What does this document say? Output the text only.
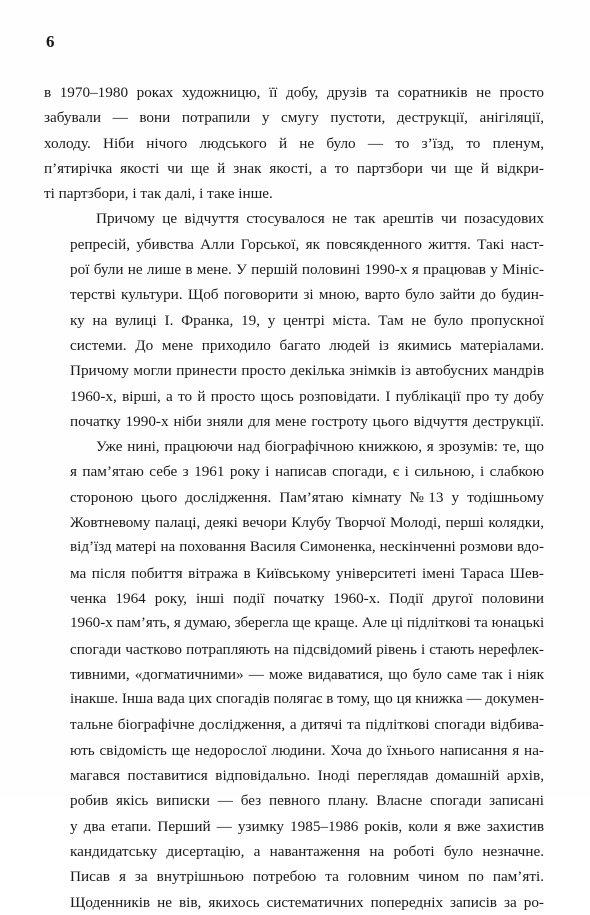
6
в 1970–1980 роках художницю, її добу, друзів та соратників не просто
забували — вони потрапили у смугу пустоти, деструкції, анігіляції,
холоду. Ніби нічого людського й не було — то з’їзд, то пленум,
п’ятирічка якості чи ще й знак якості, а то партзбори чи ще й відкри-
ті партзбори, і так далі, і таке інше.
Причому це відчуття стосувалося не так арештів чи позасудових
репресій, убивства Алли Горської, як повсякденного життя. Такі наст-
рої були не лише в мене. У першій половині 1990-х я працював у Мініс-
терстві культури. Щоб поговорити зі мною, варто було зайти до будин-
ку на вулиці І. Франка, 19, у центрі міста. Там не було пропускної
системи. До мене приходило багато людей із якимись матеріалами.
Причому могли принести просто декілька знімків із автобусних мандрів
1960-х, вірші, а то й просто щось розповідати. І публікації про ту добу
початку 1990-х ніби зняли для мене гостроту цього відчуття деструкції.
Уже нині, працюючи над біографічною книжкою, я зрозумів: те, що
я пам’ятаю себе з 1961 року і написав спогади, є і сильною, і слабкою
стороною цього дослідження. Пам’ятаю кімнату №13 у тодішньому
Жовтневому палаці, деякі вечори Клубу Творчої Молоді, перші колядки,
від’їзд матері на поховання Василя Симоненка, нескінченні розмови вдо-
ма після побиття вітража в Київському університеті імені Тараса Шев-
ченка 1964 року, інші події початку 1960-х. Події другої половини
1960-х пам’ять, я думаю, зберегла ще краще. Але ці підліткові та юнацькі
спогади частково потрапляють на підсвідомий рівень і стають нерефлек-
тивними, «догматичними» — може видаватися, що було саме так і ніяк
інакше. Інша вада цих спогадів полягає в тому, що ця книжка — докумен-
тальне біографічне дослідження, а дитячі та підліткові спогади відбива-
ють свідомість ще недорослої людини. Хоча до їхнього написання я на-
магався поставитися відповідально. Іноді переглядав домашній архів,
робив якісь виписки — без певного плану. Власне спогади записані
у два етапи. Перший — узимку 1985–1986 років, коли я вже захистив
кандидатську дисертацію, а навантаження на роботі було незначне.
Писав я за внутрішньою потребою та головним чином по пам’яті.
Щоденників не вів, якихось систематичних попередніх записів за ро-
